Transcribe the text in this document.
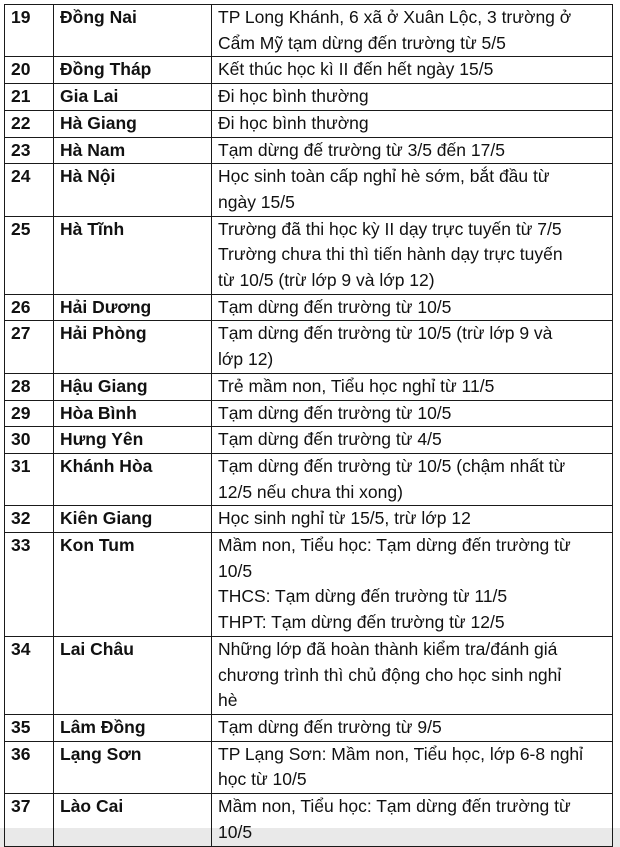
19	Đồng Nai	TP Long Khánh, 6 xã ở Xuân Lộc, 3 trường ở
Cẩm Mỹ tạm dừng đến trường từ 5/5

20	Đồng Tháp	Kết thúc học kì II đến hết ngày 15/5

21	Gia Lai	Đi học bình thường

22	Hà Giang	Đi học bình thường

23	Hà Nam	Tạm dừng đế trường từ 3/5 đến 17/5

24	Hà Nội	Học sinh toàn cấp nghỉ hè sớm, bắt đầu từ
ngày 15/5

25	Hà Tĩnh	Trường đã thi học kỳ II dạy trực tuyến từ 7/5
Trường chưa thi thì tiến hành dạy trực tuyến
từ 10/5 (trừ lớp 9 và lớp 12)

26	Hải Dương	Tạm dừng đến trường từ 10/5

27	Hải Phòng	Tạm dừng đến trường từ 10/5 (trừ lớp 9 và
lớp 12)

28	Hậu Giang	Trẻ mầm non, Tiểu học nghỉ từ 11/5

29	Hòa Bình	Tạm dừng đến trường từ 10/5

30	Hưng Yên	Tạm dừng đến trường từ 4/5

31	Khánh Hòa	Tạm dừng đến trường từ 10/5 (chậm nhất từ
12/5 nếu chưa thi xong)

32	Kiên Giang	Học sinh nghỉ từ 15/5, trừ lớp 12

33	Kon Tum	Mầm non, Tiểu học: Tạm dừng đến trường từ
10/5
THCS: Tạm dừng đến trường từ 11/5
THPT: Tạm dừng đến trường từ 12/5

34	Lai Châu	Những lớp đã hoàn thành kiểm tra/đánh giá
chương trình thì chủ động cho học sinh nghỉ
hè

35	Lâm Đồng	Tạm dừng đến trường từ 9/5

36	Lạng Sơn	TP Lạng Sơn: Mầm non, Tiểu học, lớp 6-8 nghỉ
học từ 10/5

37	Lào Cai	Mầm non, Tiểu học: Tạm dừng đến trường từ
10/5
